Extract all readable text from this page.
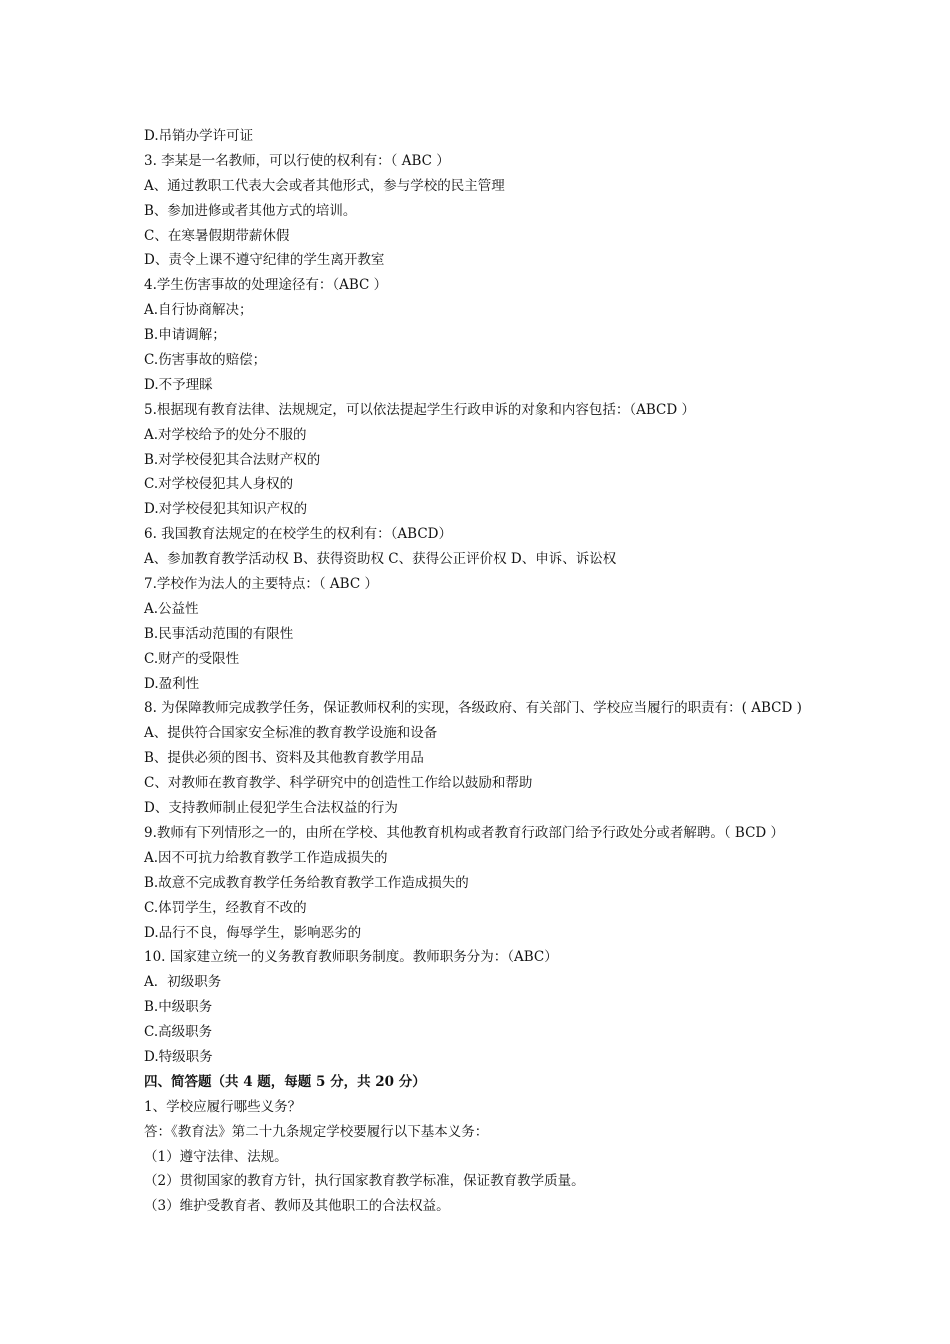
D.吊销办学许可证
3. 李某是一名教师，可以行使的权利有：（ ABC ）
A、通过教职工代表大会或者其他形式，参与学校的民主管理
B、参加进修或者其他方式的培训。
C、在寒暑假期带薪休假
D、责令上课不遵守纪律的学生离开教室
4.学生伤害事故的处理途径有：（ABC ）
A.自行协商解决；
B.申请调解；
C.伤害事故的赔偿；
D.不予理睬
5.根据现有教育法律、法规规定，可以依法提起学生行政申诉的对象和内容包括：（ABCD ）
A.对学校给予的处分不服的
B.对学校侵犯其合法财产权的
C.对学校侵犯其人身权的
D.对学校侵犯其知识产权的
6. 我国教育法规定的在校学生的权利有：（ABCD）
A、参加教育教学活动权 B、获得资助权 C、获得公正评价权 D、申诉、诉讼权
7.学校作为法人的主要特点：（ ABC ）
A.公益性
B.民事活动范围的有限性
C.财产的受限性
D.盈利性
8. 为保障教师完成教学任务，保证教师权利的实现，各级政府、有关部门、学校应当履行的职责有：( ABCD )
A、提供符合国家安全标准的教育教学设施和设备
B、提供必须的图书、资料及其他教育教学用品
C、对教师在教育教学、科学研究中的创造性工作给以鼓励和帮助
D、支持教师制止侵犯学生合法权益的行为
9.教师有下列情形之一的，由所在学校、其他教育机构或者教育行政部门给予行政处分或者解聘。（ BCD ）
A.因不可抗力给教育教学工作造成损失的
B.故意不完成教育教学任务给教育教学工作造成损失的
C.体罚学生，经教育不改的
D.品行不良，侮辱学生，影响恶劣的
10. 国家建立统一的义务教育教师职务制度。教师职务分为：（ABC）
A．初级职务
B.中级职务
C.高级职务
D.特级职务
四、简答题（共 4 题，每题 5 分，共 20 分）
1、学校应履行哪些义务？
答：《教育法》第二十九条规定学校要履行以下基本义务：
（1）遵守法律、法规。
（2）贯彻国家的教育方针，执行国家教育教学标准，保证教育教学质量。
（3）维护受教育者、教师及其他职工的合法权益。
